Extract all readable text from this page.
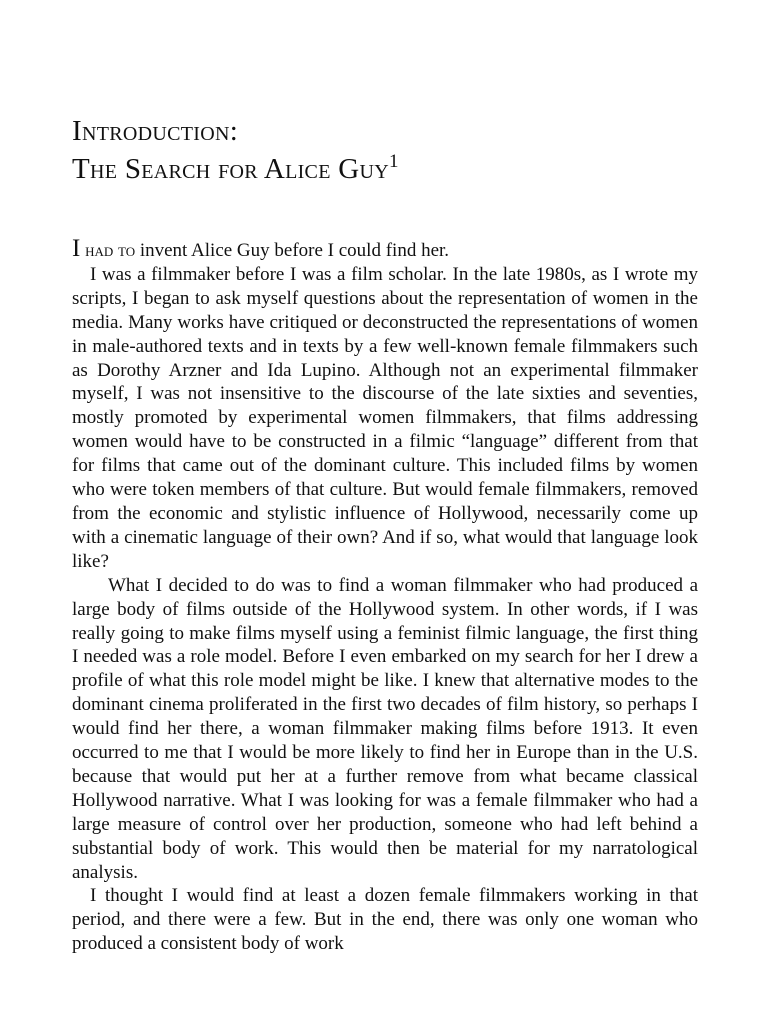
Introduction:
The Search for Alice Guy$^1$

I had to invent Alice Guy before I could find her.

I was a filmmaker before I was a film scholar. In the late 1980s, as I wrote my scripts, I began to ask myself questions about the representation of women in the media. Many works have critiqued or deconstructed the representations of women in male-authored texts and in texts by a few well-known female filmmakers such as Dorothy Arzner and Ida Lupino. Although not an experimental filmmaker myself, I was not insensitive to the discourse of the late sixties and seventies, mostly promoted by experimental women filmmakers, that films addressing women would have to be constructed in a filmic “language” different from that for films that came out of the dominant culture. This included films by women who were token members of that culture. But would female filmmakers, removed from the economic and stylistic influence of Hollywood, necessarily come up with a cinematic language of their own? And if so, what would that language look like?

What I decided to do was to find a woman filmmaker who had produced a large body of films outside of the Hollywood system. In other words, if I was really going to make films myself using a feminist filmic language, the first thing I needed was a role model. Before I even embarked on my search for her I drew a profile of what this role model might be like. I knew that alternative modes to the dominant cinema proliferated in the first two decades of film history, so perhaps I would find her there, a woman filmmaker making films before 1913. It even occurred to me that I would be more likely to find her in Europe than in the U.S. because that would put her at a further remove from what became classical Hollywood narrative. What I was looking for was a female filmmaker who had a large measure of control over her production, someone who had left behind a substantial body of work. This would then be material for my narratological analysis.

I thought I would find at least a dozen female filmmakers working in that period, and there were a few. But in the end, there was only one woman who produced a consistent body of work
